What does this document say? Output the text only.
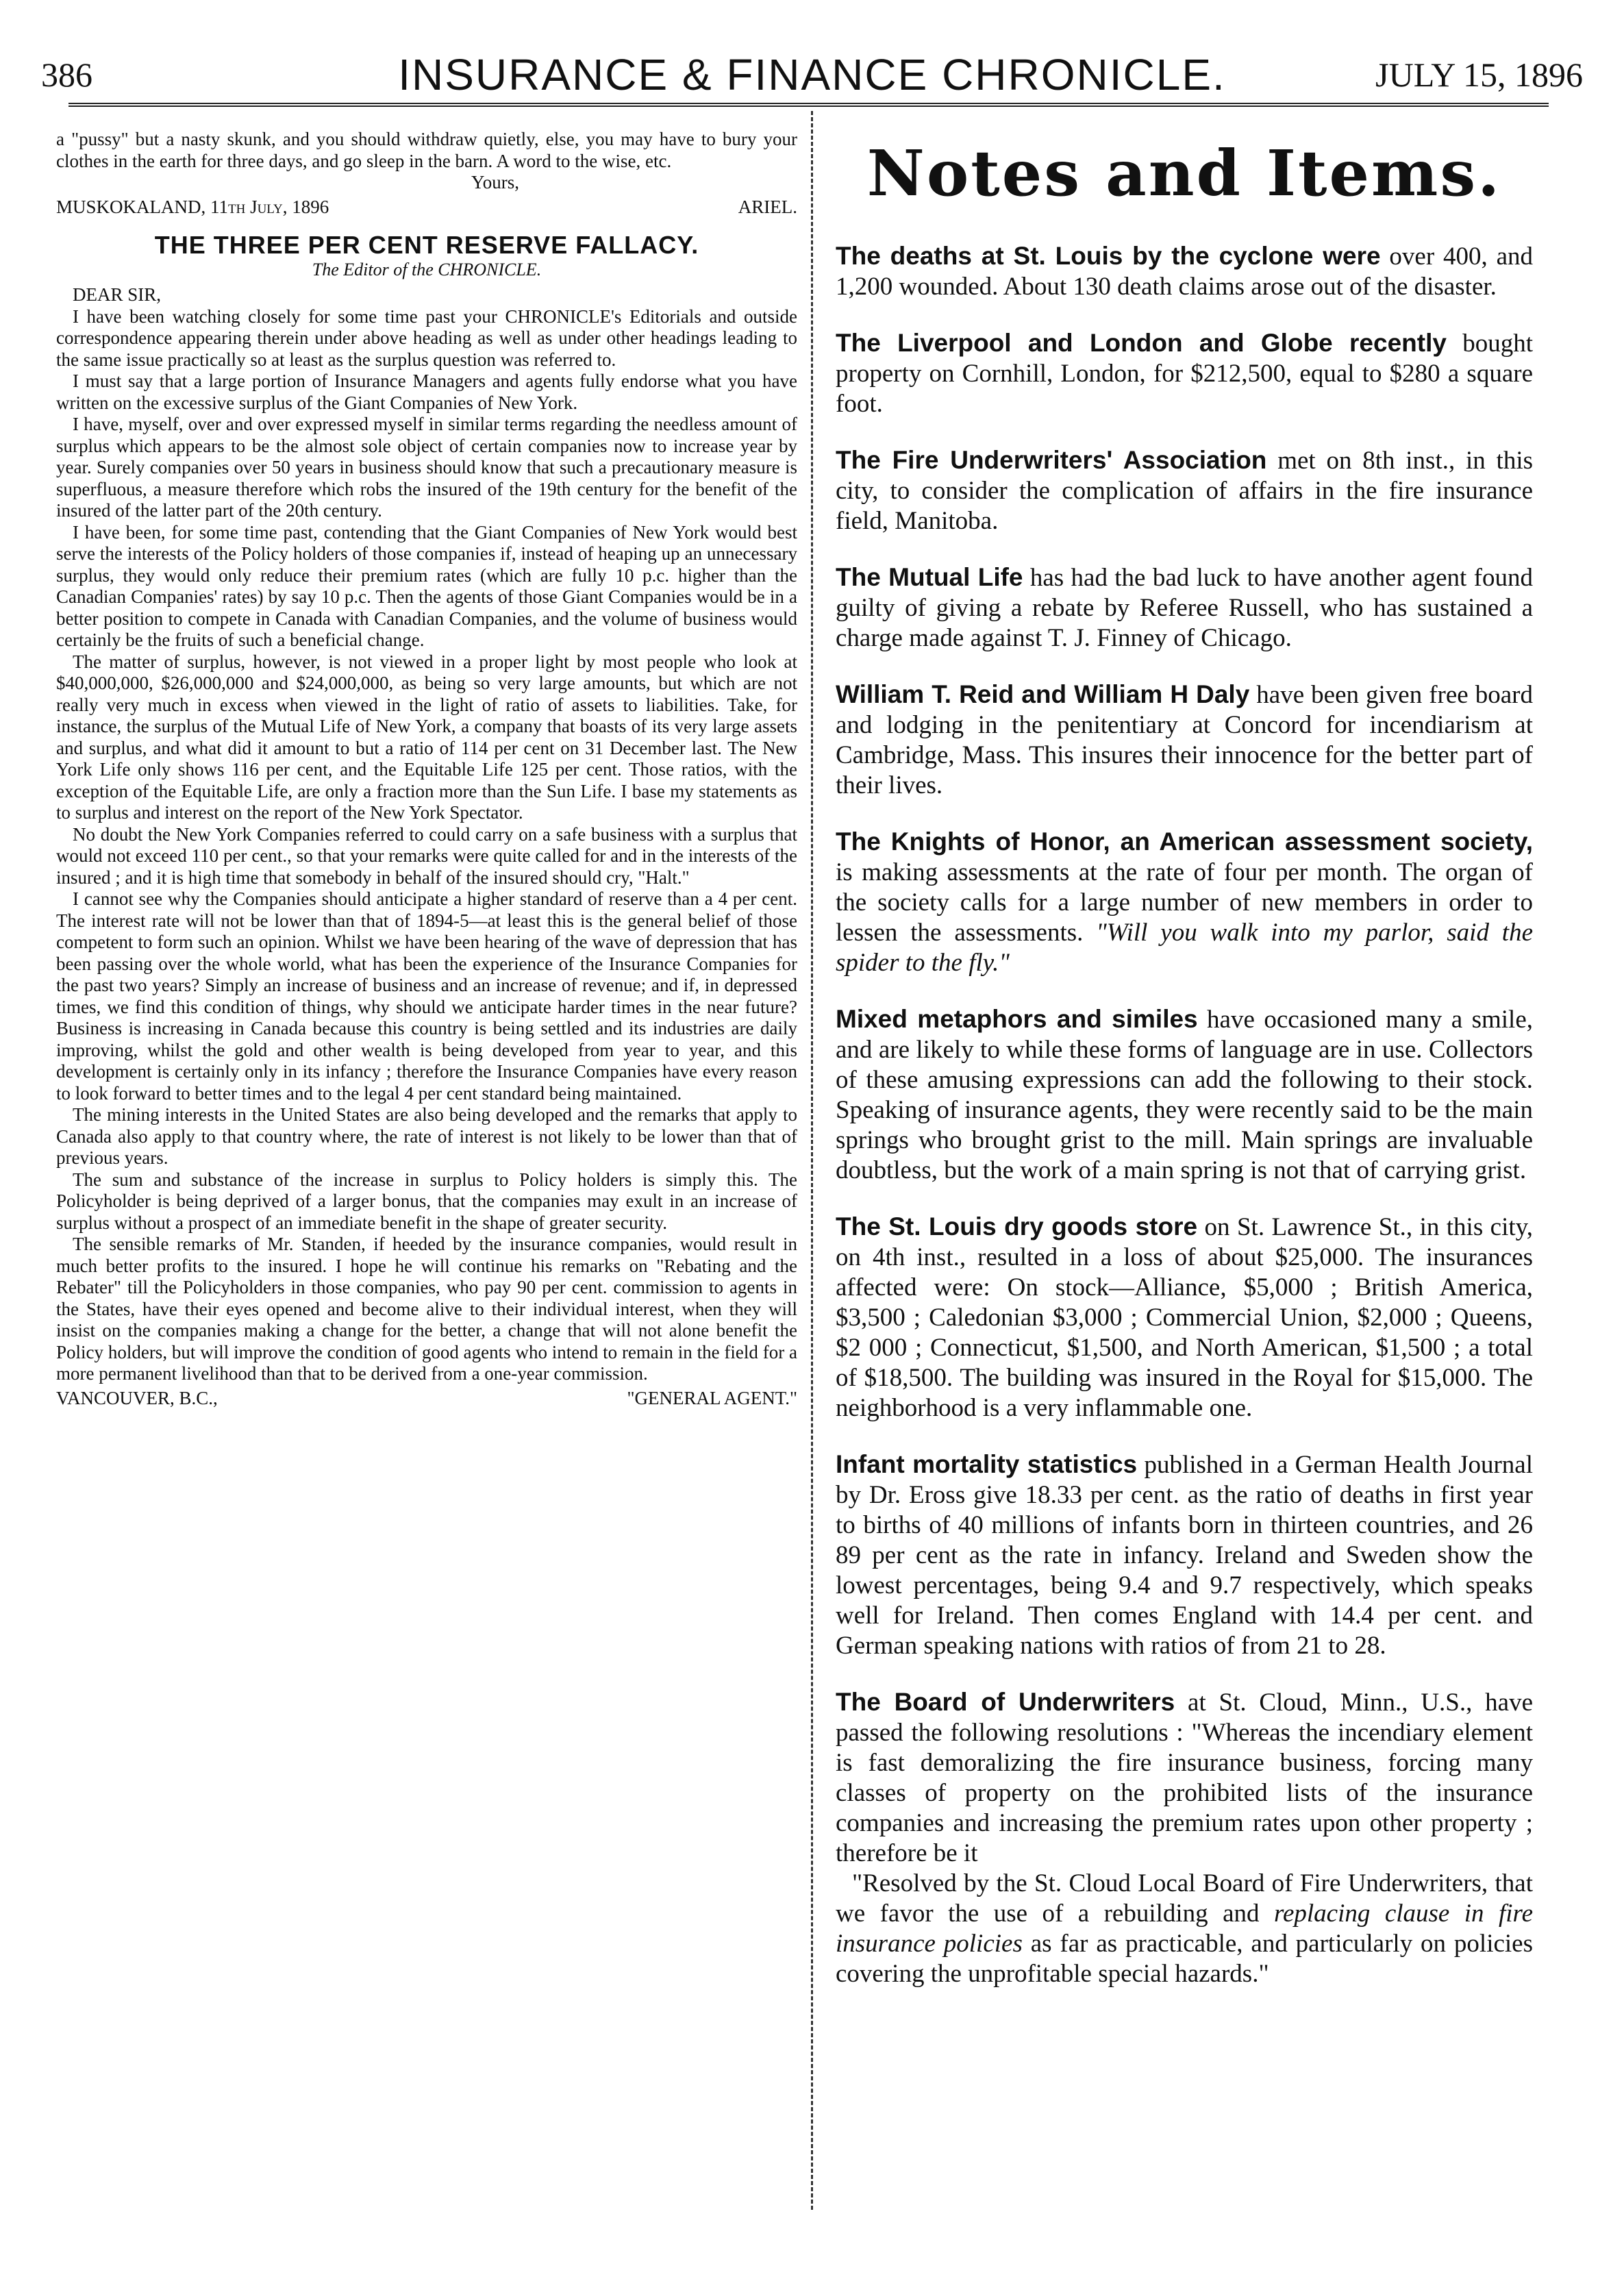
386	INSURANCE & FINANCE CHRONICLE.	JULY 15, 1896

a "pussy" but a nasty skunk, and you should withdraw quietly, else, you may have to bury your clothes in the earth for three days, and go sleep in the barn. A word to the wise, etc.

Yours,
MUSKOKALAND, 11th July, 1896	ARIEL.
THE THREE PER CENT RESERVE FALLACY.
The Editor of the CHRONICLE.

DEAR SIR,

I have been watching closely for some time past your CHRONICLE's Editorials and outside correspondence appearing therein under above heading as well as under other headings leading to the same issue practically so at least as the surplus question was referred to.

I must say that a large portion of Insurance Managers and agents fully endorse what you have written on the excessive surplus of the Giant Companies of New York.

I have, myself, over and over expressed myself in similar terms regarding the needless amount of surplus which appears to be the almost sole object of certain companies now to increase year by year. Surely companies over 50 years in business should know that such a precautionary measure is superfluous, a measure therefore which robs the insured of the 19th century for the benefit of the insured of the latter part of the 20th century.

I have been, for some time past, contending that the Giant Companies of New York would best serve the interests of the Policy holders of those companies if, instead of heaping up an unnecessary surplus, they would only reduce their premium rates (which are fully 10 p.c. higher than the Canadian Companies' rates) by say 10 p.c. Then the agents of those Giant Companies would be in a better position to compete in Canada with Canadian Companies, and the volume of business would certainly be the fruits of such a beneficial change.

The matter of surplus, however, is not viewed in a proper light by most people who look at $40,000,000, $26,000,000 and $24,000,000, as being so very large amounts, but which are not really very much in excess when viewed in the light of ratio of assets to liabilities. Take, for instance, the surplus of the Mutual Life of New York, a company that boasts of its very large assets and surplus, and what did it amount to but a ratio of 114 per cent on 31 December last. The New York Life only shows 116 per cent, and the Equitable Life 125 per cent. Those ratios, with the exception of the Equitable Life, are only a fraction more than the Sun Life. I base my statements as to surplus and interest on the report of the New York Spectator.

No doubt the New York Companies referred to could carry on a safe business with a surplus that would not exceed 110 per cent., so that your remarks were quite called for and in the interests of the insured ; and it is high time that somebody in behalf of the insured should cry, "Halt."

I cannot see why the Companies should anticipate a higher standard of reserve than a 4 per cent. The interest rate will not be lower than that of 1894-5—at least this is the general belief of those competent to form such an opinion. Whilst we have been hearing of the wave of depression that has been passing over the whole world, what has been the experience of the Insurance Companies for the past two years? Simply an increase of business and an increase of revenue; and if, in depressed times, we find this condition of things, why should we anticipate harder times in the near future? Business is increasing in Canada because this country is being settled and its industries are daily improving, whilst the gold and other wealth is being developed from year to year, and this development is certainly only in its infancy ; therefore the Insurance Companies have every reason to look forward to better times and to the legal 4 per cent standard being maintained.

The mining interests in the United States are also being developed and the remarks that apply to Canada also apply to that country where, the rate of interest is not likely to be lower than that of previous years.

The sum and substance of the increase in surplus to Policy holders is simply this. The Policyholder is being deprived of a larger bonus, that the companies may exult in an increase of surplus without a prospect of an immediate benefit in the shape of greater security.

The sensible remarks of Mr. Standen, if heeded by the insurance companies, would result in much better profits to the insured. I hope he will continue his remarks on "Rebating and the Rebater" till the Policyholders in those companies, who pay 90 per cent. commission to agents in the States, have their eyes opened and become alive to their individual interest, when they will insist on the companies making a change for the better, a change that will not alone benefit the Policy holders, but will improve the condition of good agents who intend to remain in the field for a more permanent livelihood than that to be derived from a one-year commission.

VANCOUVER, B.C.,	"GENERAL AGENT."
Notes and Items.

The deaths at St. Louis by the cyclone were over 400, and 1,200 wounded. About 130 death claims arose out of the disaster.

The Liverpool and London and Globe recently bought property on Cornhill, London, for $212,500, equal to $280 a square foot.

The Fire Underwriters' Association met on 8th inst., in this city, to consider the complication of affairs in the fire insurance field, Manitoba.

The Mutual Life has had the bad luck to have another agent found guilty of giving a rebate by Referee Russell, who has sustained a charge made against T. J. Finney of Chicago.

William T. Reid and William H Daly have been given free board and lodging in the penitentiary at Concord for incendiarism at Cambridge, Mass. This insures their innocence for the better part of their lives.

The Knights of Honor, an American assessment society, is making assessments at the rate of four per month. The organ of the society calls for a large number of new members in order to lessen the assessments. "Will you walk into my parlor, said the spider to the fly."

Mixed metaphors and similes have occasioned many a smile, and are likely to while these forms of language are in use. Collectors of these amusing expressions can add the following to their stock. Speaking of insurance agents, they were recently said to be the main springs who brought grist to the mill. Main springs are invaluable doubtless, but the work of a main spring is not that of carrying grist.

The St. Louis dry goods store on St. Lawrence St., in this city, on 4th inst., resulted in a loss of about $25,000. The insurances affected were: On stock—Alliance, $5,000 ; British America, $3,500 ; Caledonian $3,000 ; Commercial Union, $2,000 ; Queens, $2 000 ; Connecticut, $1,500, and North American, $1,500 ; a total of $18,500. The building was insured in the Royal for $15,000. The neighborhood is a very inflammable one.

Infant mortality statistics published in a German Health Journal by Dr. Eross give 18.33 per cent. as the ratio of deaths in first year to births of 40 millions of infants born in thirteen countries, and 26 89 per cent as the rate in infancy. Ireland and Sweden show the lowest percentages, being 9.4 and 9.7 respectively, which speaks well for Ireland. Then comes England with 14.4 per cent. and German speaking nations with ratios of from 21 to 28.

The Board of Underwriters at St. Cloud, Minn., U.S., have passed the following resolutions : "Whereas the incendiary element is fast demoralizing the fire insurance business, forcing many classes of property on the prohibited lists of the insurance companies and increasing the premium rates upon other property ; therefore be it

"Resolved by the St. Cloud Local Board of Fire Underwriters, that we favor the use of a rebuilding and replacing clause in fire insurance policies as far as practicable, and particularly on policies covering the unprofitable special hazards."
